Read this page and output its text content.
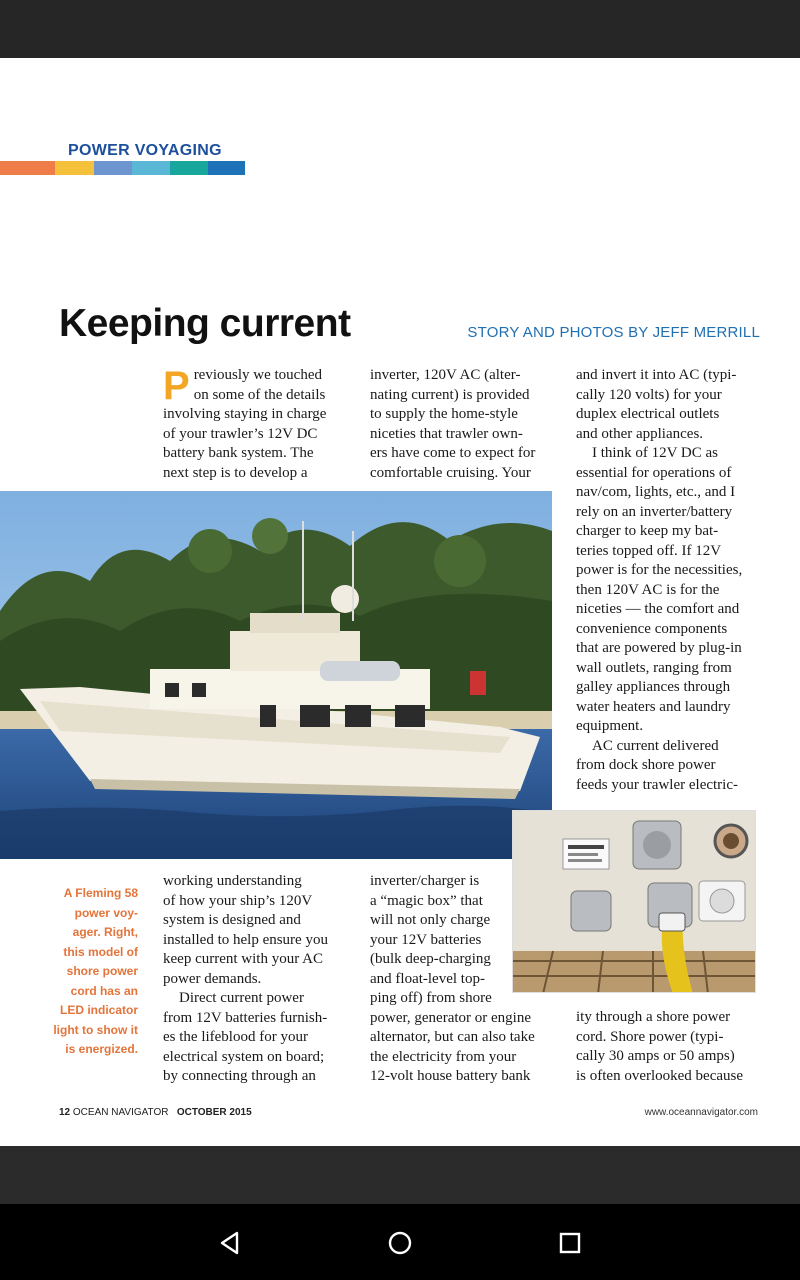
POWER VOYAGING
Keeping current	STORY AND PHOTOS BY JEFF MERRILL
P reviously we touched
on some of the details
involving staying in charge
of your trawler’s 12V DC
battery bank system. The
next step is to develop a
inverter, 120V AC (alter-
nating current) is provided
to supply the home-style
niceties that trawler own-
ers have come to expect for
comfortable cruising. Your
and invert it into AC (typi-
cally 120 volts) for your
duplex electrical outlets
and other appliances.
I think of 12V DC as
essential for operations of
nav/com, lights, etc., and I
rely on an inverter/battery
charger to keep my bat-
teries topped off. If 12V
power is for the necessities,
then 120V AC is for the
niceties — the comfort and
convenience components
that are powered by plug-in
wall outlets, ranging from
galley appliances through
water heaters and laundry
equipment.
AC current delivered
from dock shore power
feeds your trawler electric-
A Fleming 58
power voy-
ager. Right,
this model of
shore power
cord has an
LED indicator
light to show it
is energized.
working understanding
of how your ship’s 120V
system is designed and
installed to help ensure you
keep current with your AC
power demands.
Direct current power
from 12V batteries furnish-
es the lifeblood for your
electrical system on board;
by connecting through an
inverter/charger is
a “magic box” that
will not only charge
your 12V batteries
(bulk deep-charging
and float-level top-
ping off) from shore
power, generator or engine
alternator, but can also take
the electricity from your
12-volt house battery bank
ity through a shore power
cord. Shore power (typi-
cally 30 amps or 50 amps)
is often overlooked because
12 OCEAN NAVIGATOR OCTOBER 2015	www.oceannavigator.com
